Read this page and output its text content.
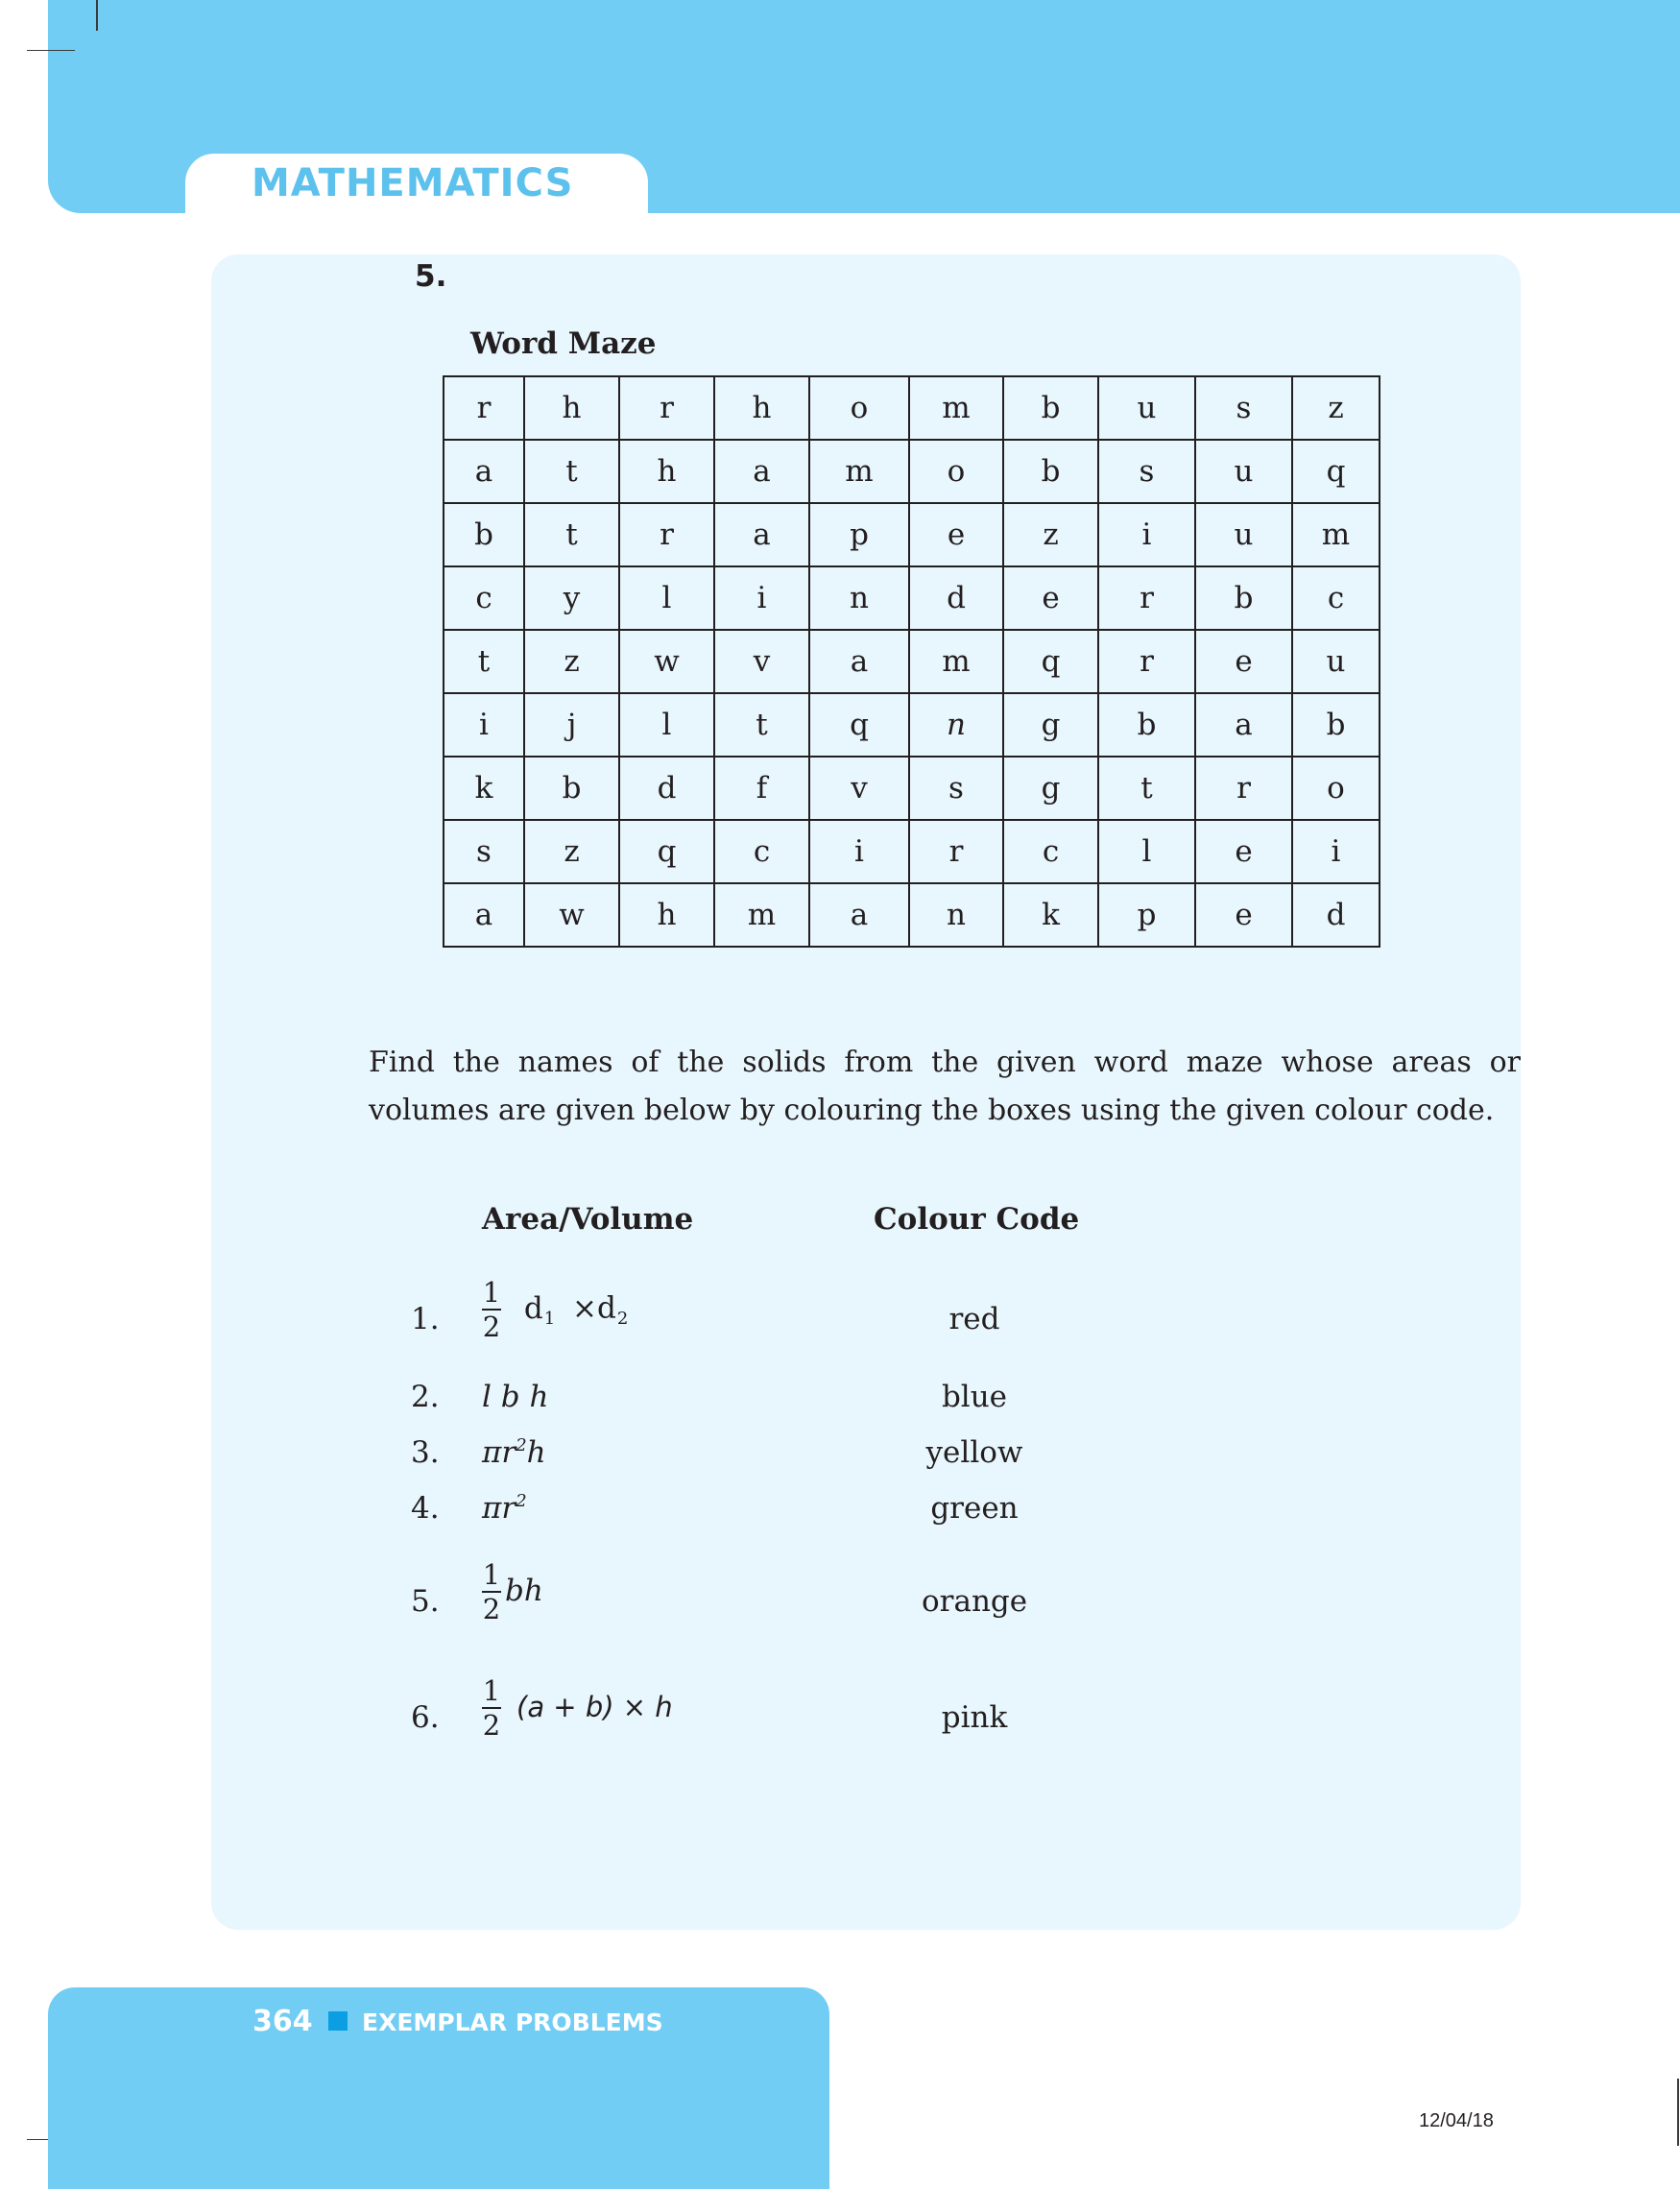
MATHEMATICS
5.
Word Maze
r	h	r	h	o	m	b	u	s	z
a	t	h	a	m	o	b	s	u	q
b	t	r	a	p	e	z	i	u	m
c	y	l	i	n	d	e	r	b	c
t	z	w	v	a	m	q	r	e	u
i	j	l	t	q	n	g	b	a	b
k	b	d	f	v	s	g	t	r	o
s	z	q	c	i	r	c	l	e	i
a	w	h	m	a	n	k	p	e	d
Find the names of the solids from the given word maze whose areas or volumes are given below by colouring the boxes using the given colour code.
Area/Volume	Colour Code
1. $\frac{1}{2} d_1 \times d_2$	red
2. l b h	blue
3. $\pi r^2h$	yellow
4. $\pi r^2$	green
5. $\frac{1}{2}$ bh	orange
6. $\frac{1}{2} (a + b) \times h$	pink
364 EXEMPLAR PROBLEMS
12/04/18
